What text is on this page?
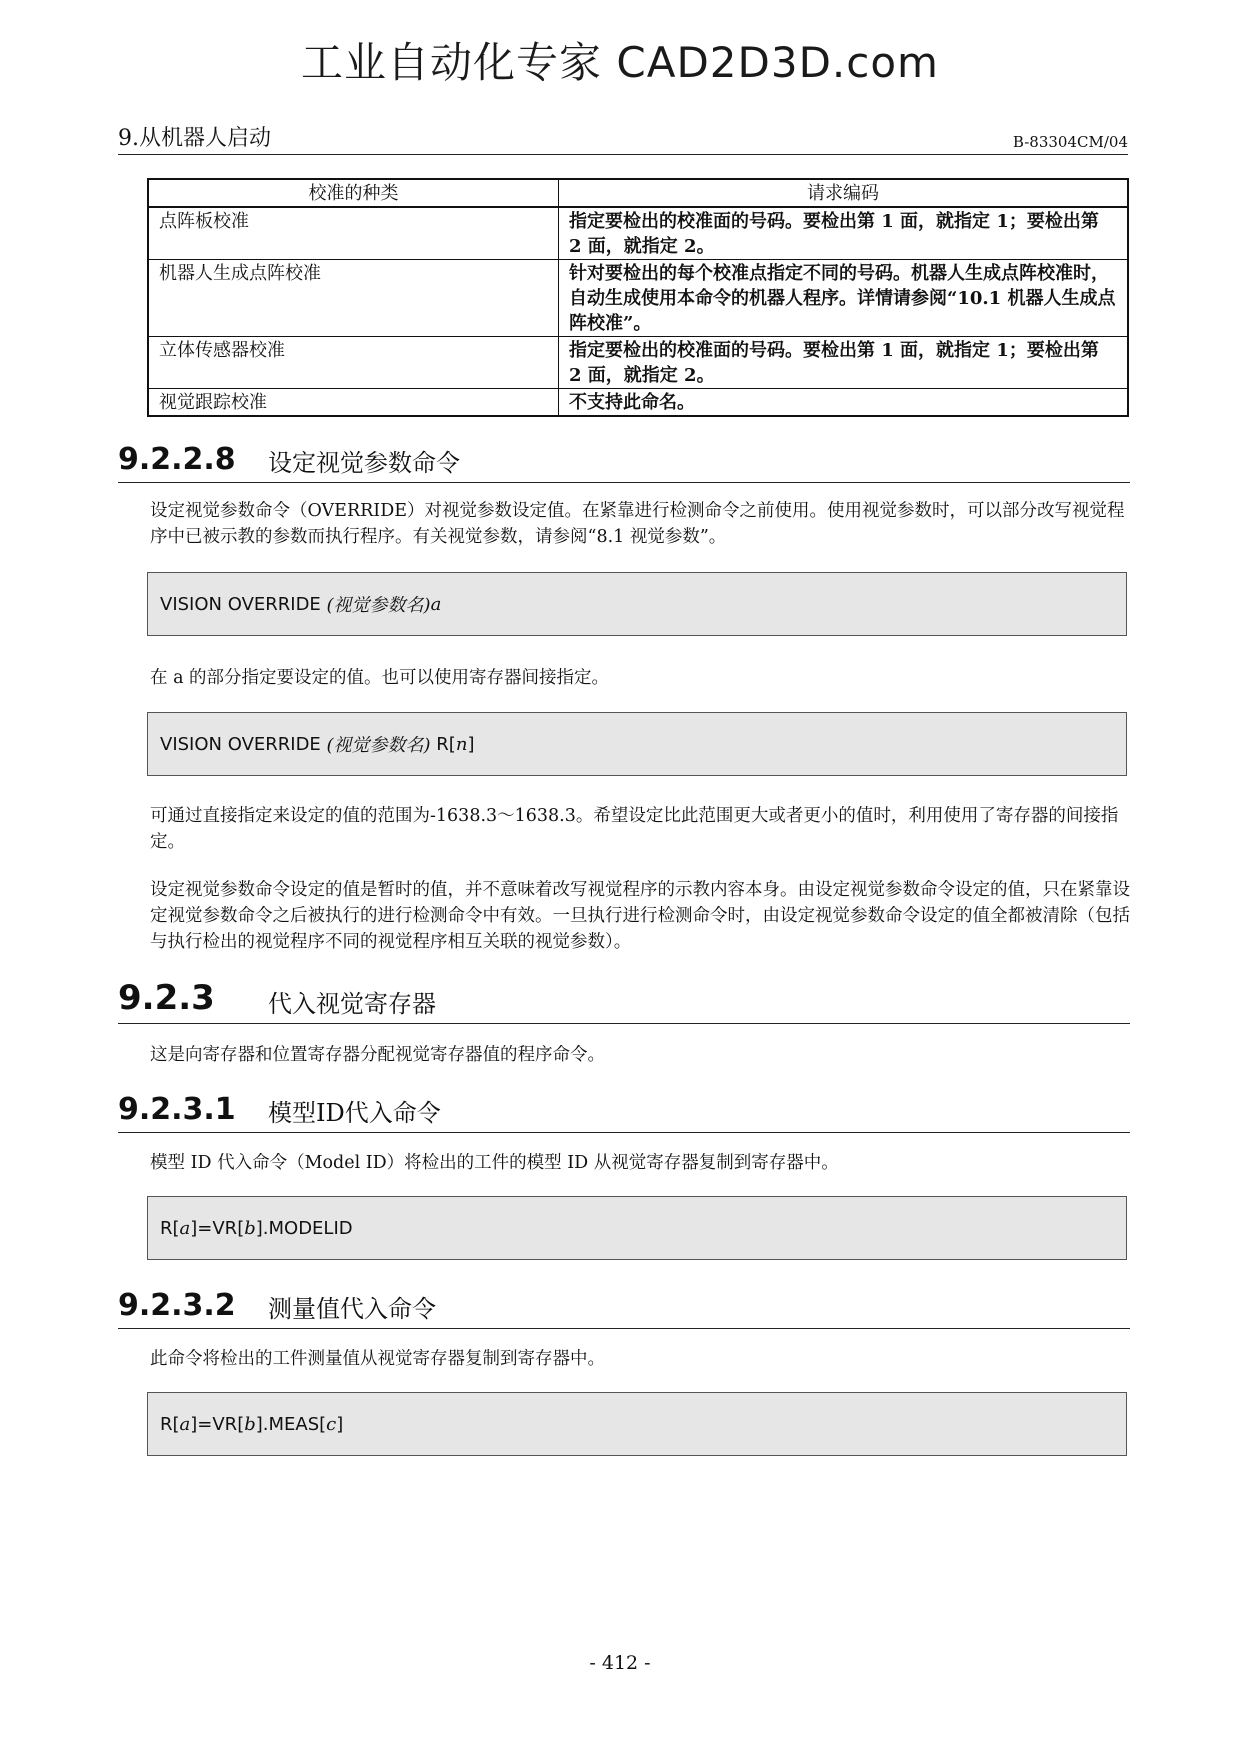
工业自动化专家 CAD2D3D.com
9.从机器人启动	B-83304CM/04
校准的种类	请求编码
点阵板校准	指定要检出的校准面的号码。要检出第 1 面，就指定 1；要检出第 2 面，就指定 2。
机器人生成点阵校准	针对要检出的每个校准点指定不同的号码。机器人生成点阵校准时，自动生成使用本命令的机器人程序。详情请参阅“10.1 机器人生成点阵校准”。
立体传感器校准	指定要检出的校准面的号码。要检出第 1 面，就指定 1；要检出第 2 面，就指定 2。
视觉跟踪校准	不支持此命名。
9.2.2.8 设定视觉参数命令

设定视觉参数命令（OVERRIDE）对视觉参数设定值。在紧靠进行检测命令之前使用。使用视觉参数时，可以部分改写视觉程序中已被示教的参数而执行程序。有关视觉参数，请参阅“8.1 视觉参数”。

VISION OVERRIDE (视觉参数名) a

在 a 的部分指定要设定的值。也可以使用寄存器间接指定。

VISION OVERRIDE (视觉参数名) R[ n ]

可通过直接指定来设定的值的范围为-1638.3～1638.3。希望设定比此范围更大或者更小的值时，利用使用了寄存器的间接指定。

设定视觉参数命令设定的值是暂时的值，并不意味着改写视觉程序的示教内容本身。由设定视觉参数命令设定的值，只在紧靠设定视觉参数命令之后被执行的进行检测命令中有效。一旦执行进行检测命令时，由设定视觉参数命令设定的值全都被清除（包括与执行检出的视觉程序不同的视觉程序相互关联的视觉参数）。

9.2.3 代入视觉寄存器

这是向寄存器和位置寄存器分配视觉寄存器值的程序命令。

9.2.3.1 模型ID代入命令

模型 ID 代入命令（Model ID）将检出的工件的模型 ID 从视觉寄存器复制到寄存器中。

R[ a ]=VR[ b ].MODELID
9.2.3.2 测量值代入命令

此命令将检出的工件测量值从视觉寄存器复制到寄存器中。

R[ a ]=VR[ b ].MEAS[ c ]
- 412 -
